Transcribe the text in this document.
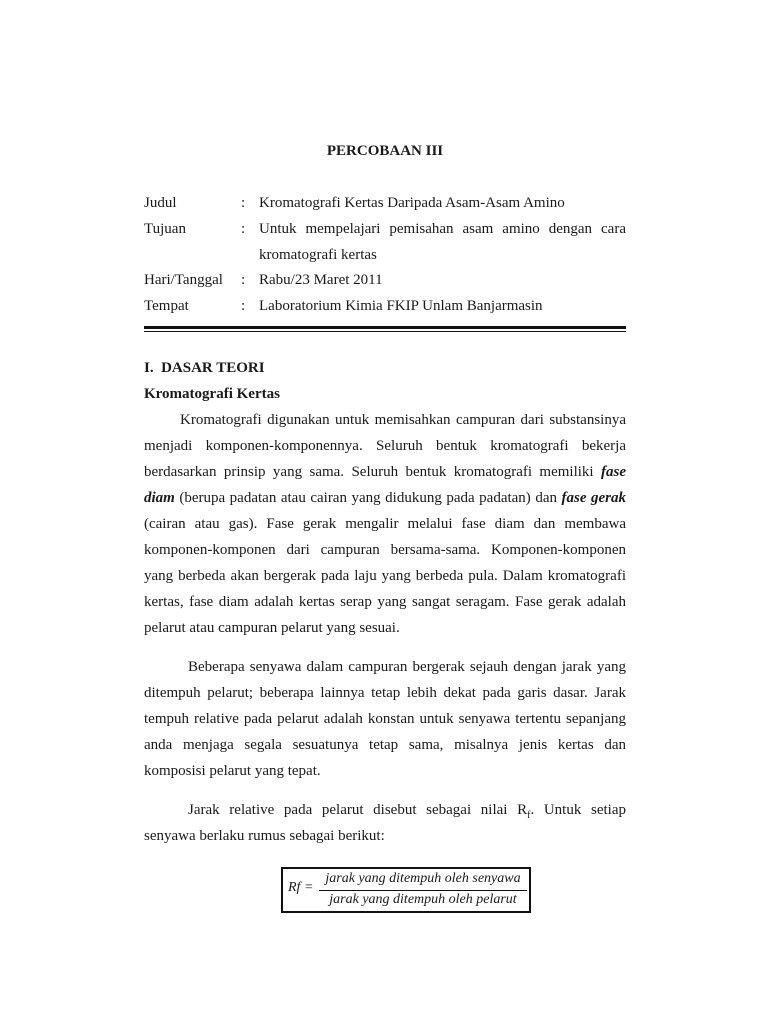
PERCOBAAN III
Judul	: Kromatografi Kertas Daripada Asam-Asam Amino
Tujuan	: Untuk mempelajari pemisahan asam amino dengan cara
kromatografi kertas
Hari/Tanggal : Rabu/23 Maret 2011
Tempat	: Laboratorium Kimia FKIP Unlam Banjarmasin
I.  DASAR TEORI
Kromatografi Kertas
Kromatografi digunakan untuk memisahkan campuran dari substansinya
menjadi komponen-komponennya. Seluruh bentuk kromatografi bekerja
berdasarkan prinsip yang sama. Seluruh bentuk kromatografi memiliki fase
diam (berupa padatan atau cairan yang didukung pada padatan) dan fase gerak
(cairan atau gas). Fase gerak mengalir melalui fase diam dan membawa
komponen-komponen dari campuran bersama-sama. Komponen-komponen
yang berbeda akan bergerak pada laju yang berbeda pula. Dalam kromatografi
kertas, fase diam adalah kertas serap yang sangat seragam. Fase gerak adalah
pelarut atau campuran pelarut yang sesuai.
Beberapa senyawa dalam campuran bergerak sejauh dengan jarak yang
ditempuh pelarut; beberapa lainnya tetap lebih dekat pada garis dasar. Jarak
tempuh relative pada pelarut adalah konstan untuk senyawa tertentu sepanjang
anda menjaga segala sesuatunya tetap sama, misalnya jenis kertas dan
komposisi pelarut yang tepat.
Jarak relative pada pelarut disebut sebagai nilai $R_f$. Untuk setiap
senyawa berlaku rumus sebagai berikut:
Rf =
jarak yang ditempuh oleh senyawa
jarak yang ditempuh oleh pelarut
